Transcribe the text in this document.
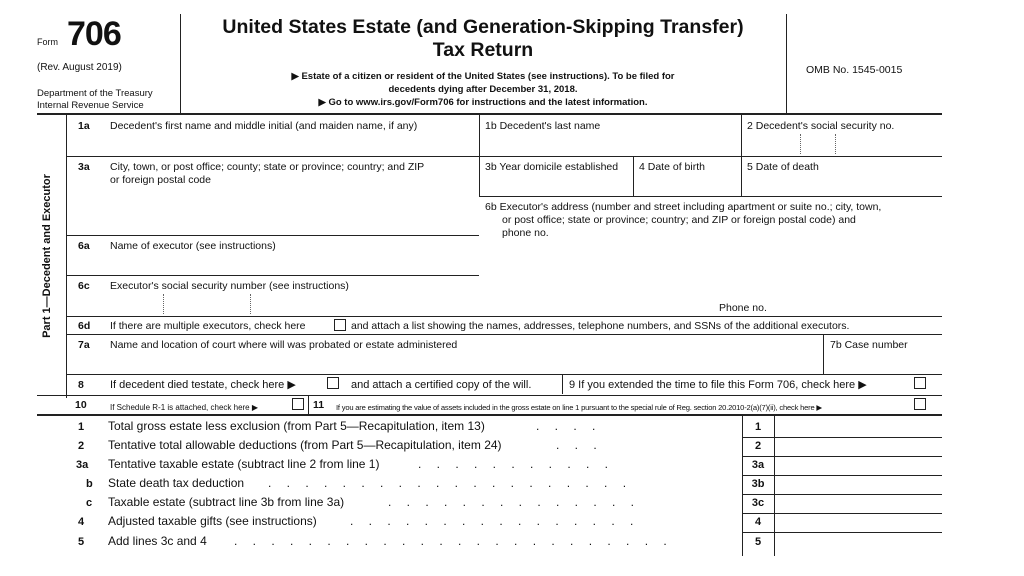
Form 706
(Rev. August 2019)
Department of the Treasury
Internal Revenue Service
United States Estate (and Generation-Skipping Transfer)
Tax Return
▶ Estate of a citizen or resident of the United States (see instructions). To be filed for
decedents dying after December 31, 2018.
▶ Go to www.irs.gov/Form706 for instructions and the latest information.
OMB No. 1545-0015
Part 1—Decedent and Executor
1a Decedent's first name and middle initial (and maiden name, if any)	1b Decedent's last name	2 Decedent's social security no.
3a City, town, or post office; county; state or province; country; and ZIP
or foreign postal code
3b Year domicile established 4 Date of birth	5 Date of death
6b Executor's address (number and street including apartment or suite no.; city, town,
or post office; state or province; country; and ZIP or foreign postal code) and
phone no.
Phone no.
6a Name of executor (see instructions)
6c Executor's social security number (see instructions)
6d If there are multiple executors, check here	and attach a list showing the names, addresses, telephone numbers, and SSNs of the additional executors.
7a Name and location of court where will was probated or estate administered	7b Case number
8 If decedent died testate, check here ▶	and attach a certified copy of the will.	9 If you extended the time to file this Form 706, check here ▶
10	If Schedule R-1 is attached, check here ▶	11 If you are estimating the value of assets included in the gross estate on line 1 pursuant to the special rule of Reg. section 20.2010-2(a)(7)(ii), check here ▶
1 Total gross estate less exclusion (from Part 5—Recapitulation, item 13)	. . . .	1
2 Tentative total allowable deductions (from Part 5—Recapitulation, item 24)	. . .	2
3a Tentative taxable estate (subtract line 2 from line 1)	. . . . . . . . . . .	3a
b State death tax deduction . . . . . . . . . . . . . . . . . . . .	3b
c Taxable estate (subtract line 3b from line 3a)	. . . . . . . . . . . . . .	3c
4 Adjusted taxable gifts (see instructions)	. . . . . . . . . . . . . . . .	4
5 Add lines 3c and 4 . . . . . . . . . . . . . . . . . . . . . . . .	5
